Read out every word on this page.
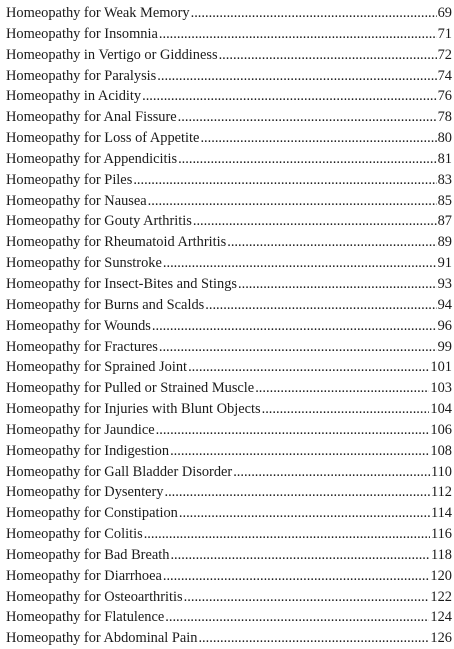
Homeopathy for Weak Memory .....	69
Homeopathy for Insomnia .....	71
Homeopathy in Vertigo or Giddiness .....	72
Homeopathy for Paralysis .....	74
Homeopathy in Acidity .....	76
Homeopathy for Anal Fissure .....	78
Homeopathy for Loss of Appetite .....	80
Homeopathy for Appendicitis .....	81
Homeopathy for Piles .....	83
Homeopathy for Nausea .....	85
Homeopathy for Gouty Arthritis .....	87
Homeopathy for Rheumatoid Arthritis .....	89
Homeopathy for Sunstroke .....	91
Homeopathy for Insect-Bites and Stings .....	93
Homeopathy for Burns and Scalds .....	94
Homeopathy for Wounds .....	96
Homeopathy for Fractures .....	99
Homeopathy for Sprained Joint .....	101
Homeopathy for Pulled or Strained Muscle .....	103
Homeopathy for Injuries with Blunt Objects .....	104
Homeopathy for Jaundice .....	106
Homeopathy for Indigestion .....	108
Homeopathy for Gall Bladder Disorder .....	110
Homeopathy for Dysentery .....	112
Homeopathy for Constipation .....	114
Homeopathy for Colitis .....	116
Homeopathy for Bad Breath .....	118
Homeopathy for Diarrhoea .....	120
Homeopathy for Osteoarthritis .....	122
Homeopathy for Flatulence .....	124
Homeopathy for Abdominal Pain .....	126
